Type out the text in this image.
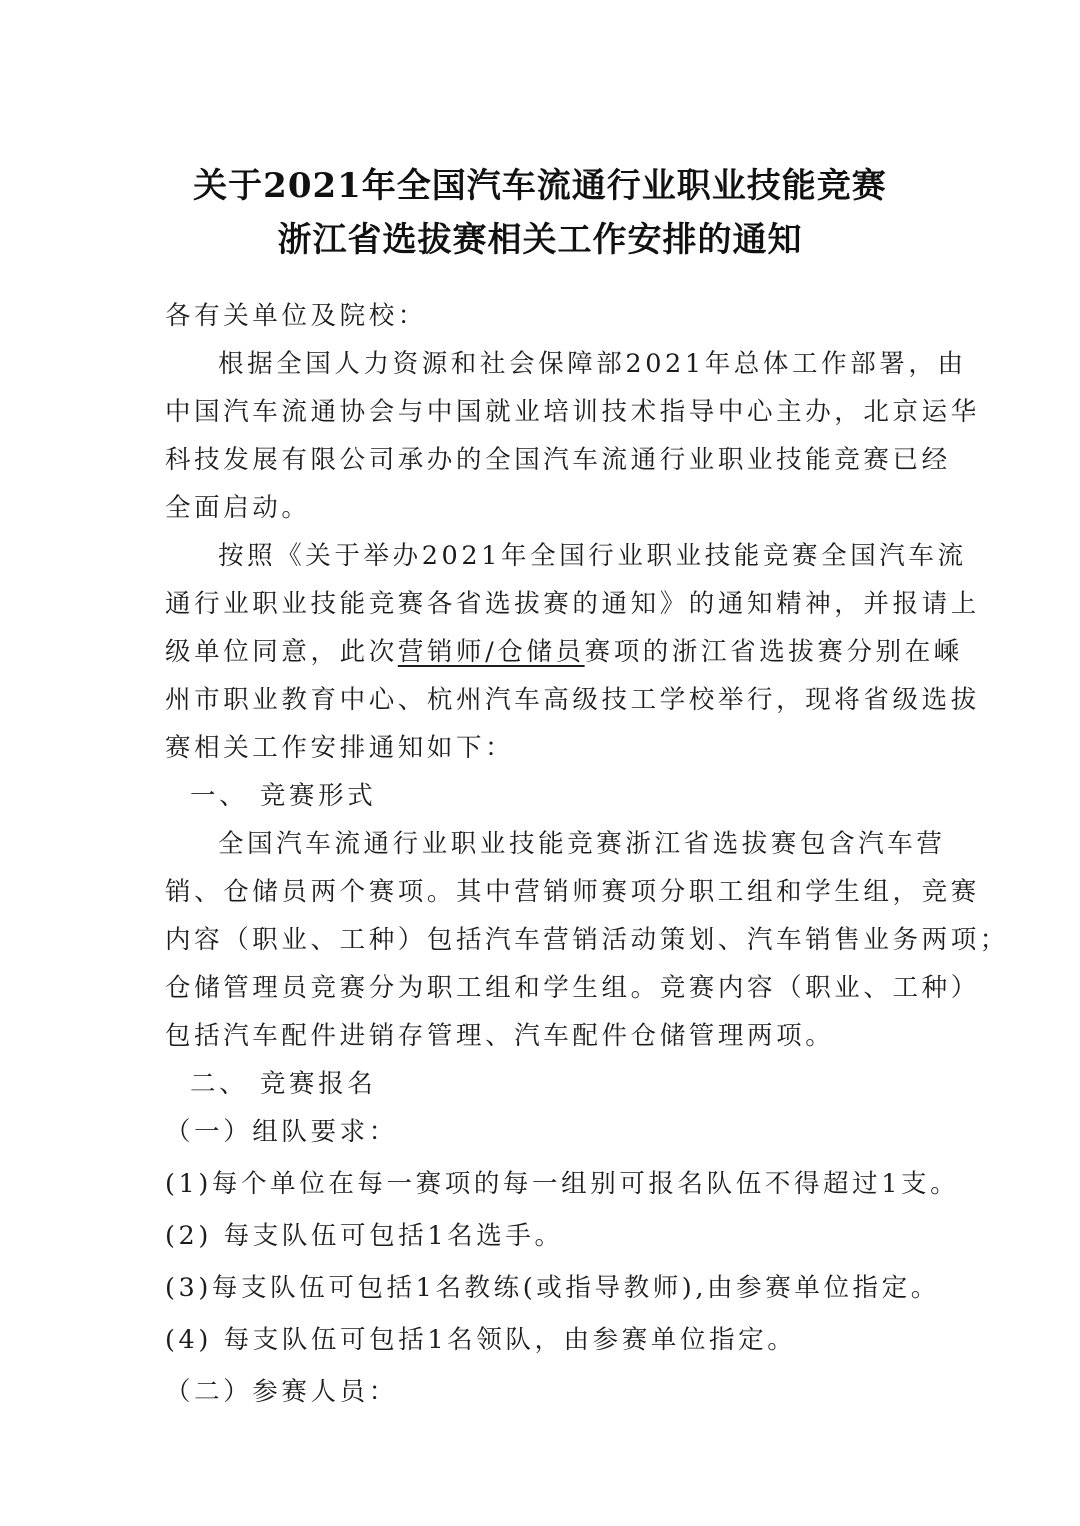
关于2021年全国汽车流通行业职业技能竞赛
浙江省选拔赛相关工作安排的通知
各有关单位及院校：
根据全国人力资源和社会保障部2021年总体工作部署，由
中国汽车流通协会与中国就业培训技术指导中心主办，北京运华
科技发展有限公司承办的全国汽车流通行业职业技能竞赛已经
全面启动。
按照《关于举办2021年全国行业职业技能竞赛全国汽车流
通行业职业技能竞赛各省选拔赛的通知》的通知精神，并报请上
级单位同意，此次营销师/仓储员赛项的浙江省选拔赛分别在嵊
州市职业教育中心、杭州汽车高级技工学校举行，现将省级选拔
赛相关工作安排通知如下：
一、 竞赛形式
全国汽车流通行业职业技能竞赛浙江省选拔赛包含汽车营
销、仓储员两个赛项。其中营销师赛项分职工组和学生组，竞赛
内容（职业、工种）包括汽车营销活动策划、汽车销售业务两项；
仓储管理员竞赛分为职工组和学生组。竞赛内容（职业、工种）
包括汽车配件进销存管理、汽车配件仓储管理两项。
二、 竞赛报名
（一）组队要求：
(1)每个单位在每一赛项的每一组别可报名队伍不得超过1支。
(2) 每支队伍可包括1名选手。
(3)每支队伍可包括1名教练(或指导教师),由参赛单位指定。
(4) 每支队伍可包括1名领队，由参赛单位指定。
（二）参赛人员：
